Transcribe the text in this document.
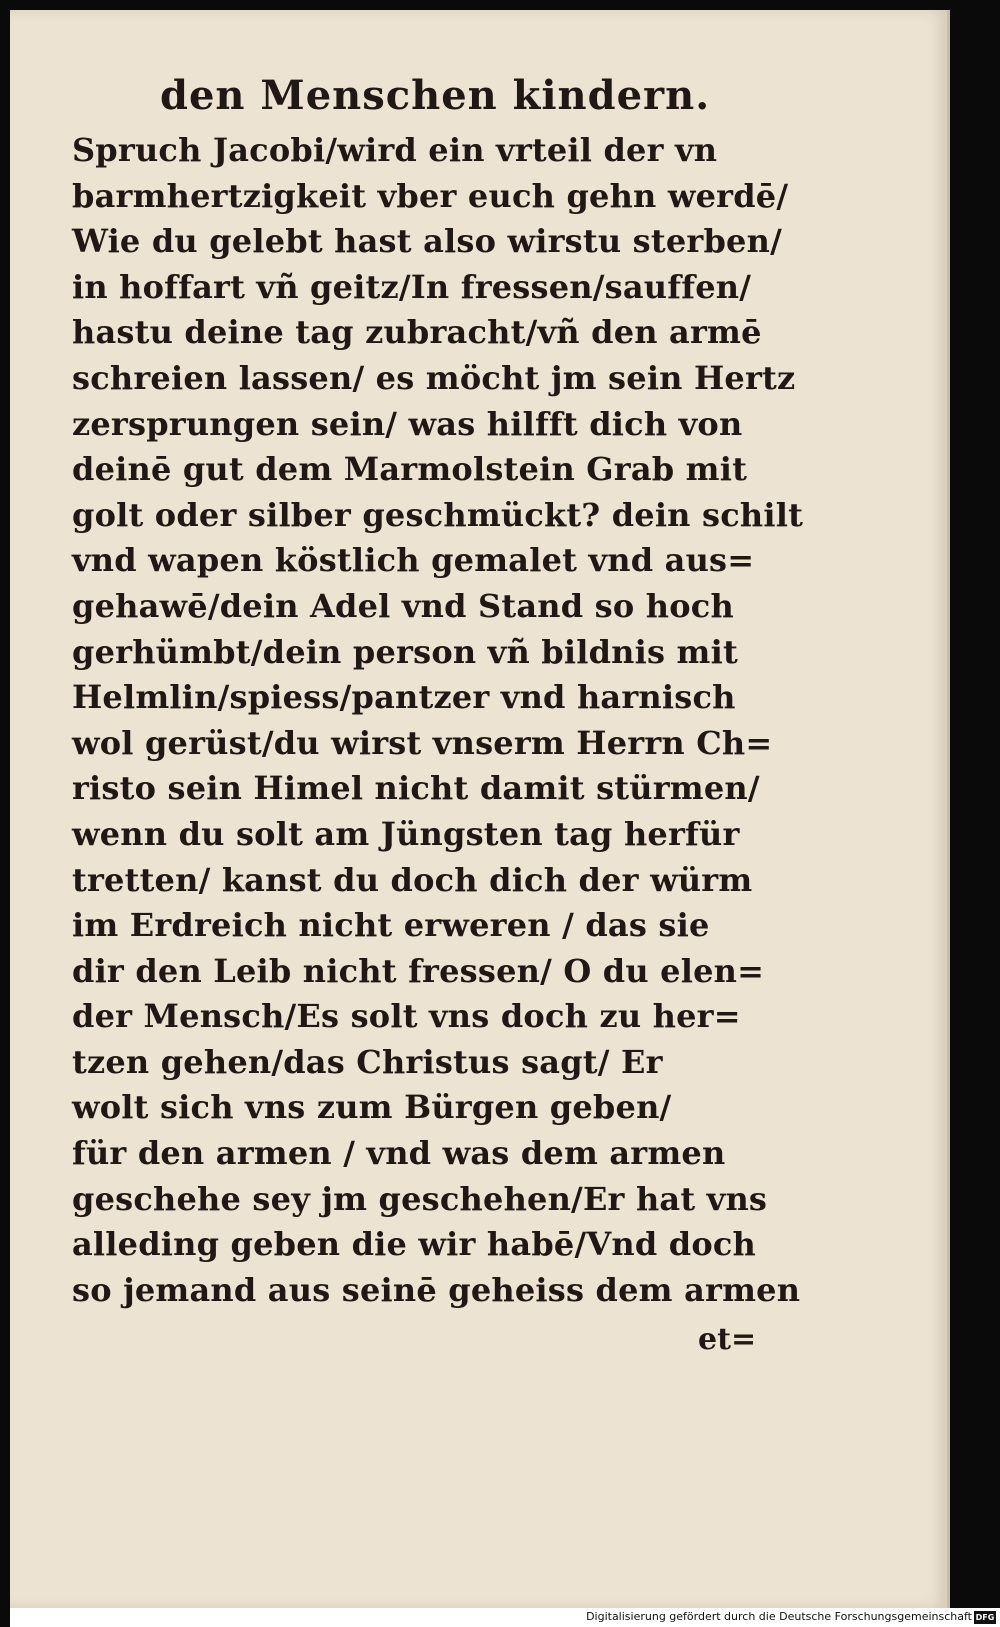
den Menschen kindern.
Spruch Jacobi/wird ein vrteil der vn
barmhertzigkeit vber euch gehn werdē/
Wie du gelebt hast also wirstu sterben/
in hoffart vñ geitz/In fressen/sauffen/
hastu deine tag zubracht/vñ den armē
schreien lassen/ es möcht jm sein Hertz
zersprungen sein/ was hilfft dich von
deinē gut dem Marmolstein Grab mit
golt oder silber geschmückt? dein schilt
vnd wapen köstlich gemalet vnd aus=
gehawē/dein Adel vnd Stand so hoch
gerhümbt/dein person vñ bildnis mit
Helmlin/spiess/pantzer vnd harnisch
wol gerüst/du wirst vnserm Herrn Ch=
risto sein Himel nicht damit stürmen/
wenn du solt am Jüngsten tag herfür
tretten/ kanst du doch dich der würm
im Erdreich nicht erweren / das sie
dir den Leib nicht fressen/ O du elen=
der Mensch/Es solt vns doch zu her=
tzen gehen/das Christus sagt/ Er
wolt sich vns zum Bürgen geben/
für den armen / vnd was dem armen
geschehe sey jm geschehen/Er hat vns
alleding geben die wir habē/Vnd doch
so jemand aus seinē geheiss dem armen
et=
Digitalisierung gefördert durch die Deutsche Forschungsgemeinschaft DFG
